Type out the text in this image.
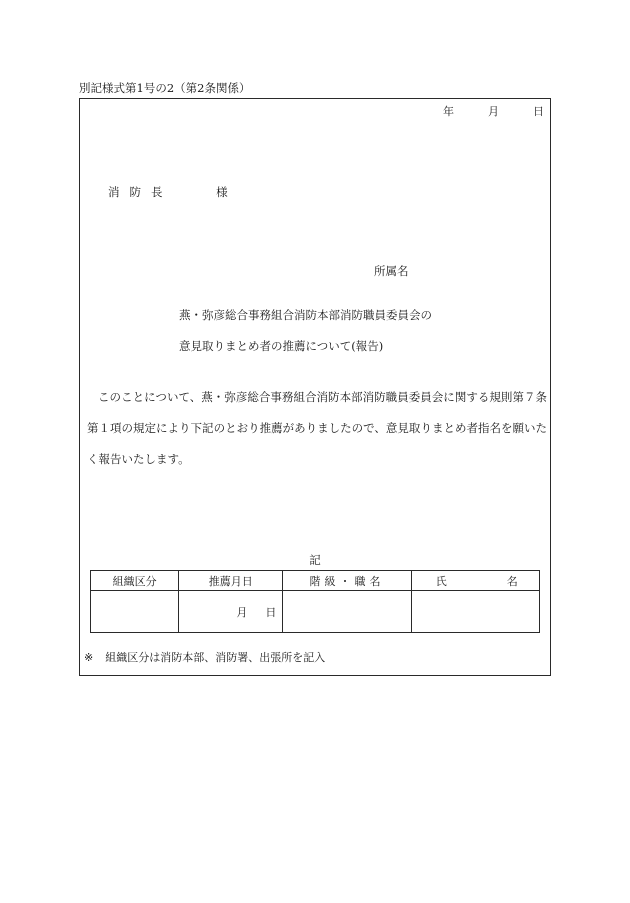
別記様式第1号の2（第2条関係）
年	月	日
消防長	様
所属名
燕・弥彦総合事務組合消防本部消防職員委員会の
意見取りまとめ者の推薦について(報告)
このことについて、燕・弥彦総合事務組合消防本部消防職員委員会に関する規則第７条第１項の規定により下記のとおり推薦がありましたので、意見取りまとめ者指名を願いたく報告いたします。
記
組織区分	推薦月日	階級・職名	氏 名
	月 日		
※ 組織区分は消防本部、消防署、出張所を記入
